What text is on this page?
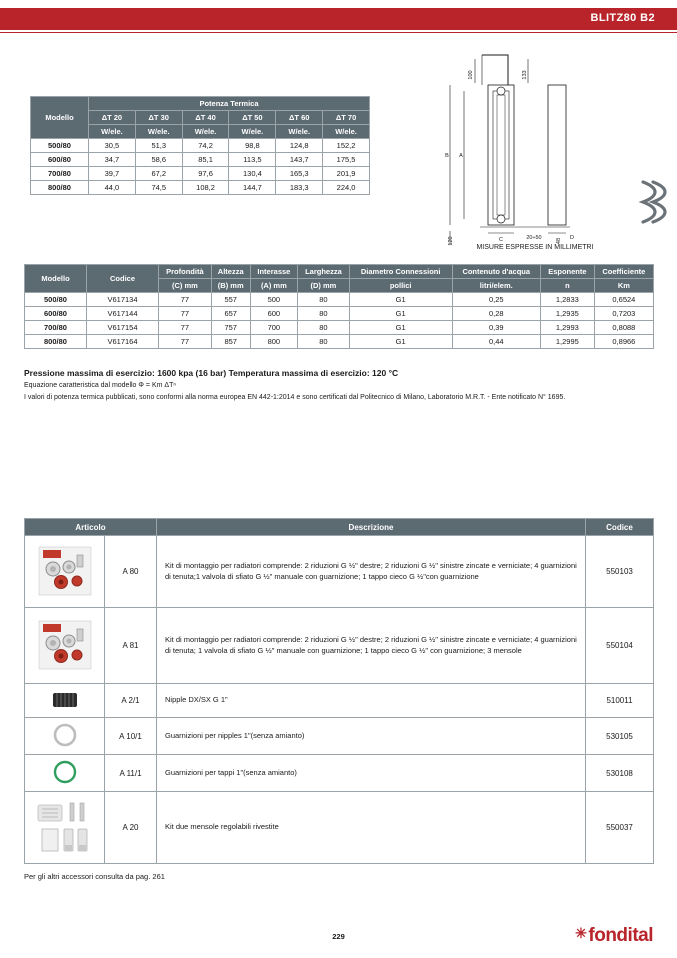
BLITZ80 B2
Modello	Potenza Termica					
	ΔT 20	ΔT 30	ΔT 40	ΔT 50	ΔT 60	ΔT 70
	W/ele.	W/ele.	W/ele.	W/ele.	W/ele.	W/ele.
500/80	30,5	51,3	74,2	98,8	124,8	152,2
600/80	34,7	58,6	85,1	113,5	143,7	175,5
700/80	39,7	67,2	97,6	130,4	165,3	201,9
800/80	44,0	74,5	108,2	144,7	183,3	224,0
100	133
B A
C
120	20÷50	48 D
MISURE ESPRESSE IN MILLIMETRI
Modello	Codice	Profondità	Altezza	Interasse	Larghezza	Diametro Connessioni	Contenuto d'acqua	Esponente	Coefficiente
		(C) mm	(B) mm	(A) mm	(D) mm	pollici	litri/elem.	n	Km
500/80	V617134	77	557	500	80	G1	0,25	1,2833	0,6524
600/80	V617144	77	657	600	80	G1	0,28	1,2935	0,7203
700/80	V617154	77	757	700	80	G1	0,39	1,2993	0,8088
800/80	V617164	77	857	800	80	G1	0,44	1,2995	0,8966
Pressione massima di esercizio: 1600 kpa (16 bar) Temperatura massima di esercizio: 120 °C
Equazione caratteristica dal modello Φ = Km ΔTⁿ
I valori di potenza termica pubblicati, sono conformi alla norma europea EN 442-1:2014 e sono certificati dal Politecnico di Milano, Laboratorio M.R.T. - Ente notificato N° 1695.
Articolo		Descrizione	Codice
	A 80	Kit di montaggio per radiatori comprende: 2 riduzioni G ½" destre; 2 riduzioni G ½" sinistre zincate e verniciate; 4 guarnizioni di tenuta;1 valvola di sfiato G ½" manuale con guarnizione; 1 tappo cieco G ½"con guarnizione	550103
	A 81	Kit di montaggio per radiatori comprende: 2 riduzioni G ½" destre; 2 riduzioni G ½" sinistre zincate e verniciate; 4 guarnizioni di tenuta; 1 valvola di sfiato G ½" manuale con guarnizione; 1 tappo cieco G ½" con guarnizione; 3 mensole	550104
	A 2/1	Nipple DX/SX G 1"	510011
	A 10/1	Guarnizioni per nipples 1"(senza amianto)	530105
	A 11/1	Guarnizioni per tappi 1"(senza amianto)	530108
	A 20	Kit due mensole regolabili rivestite	550037
Per gli altri accessori consulta da pag. 261
229	✳ fondital
